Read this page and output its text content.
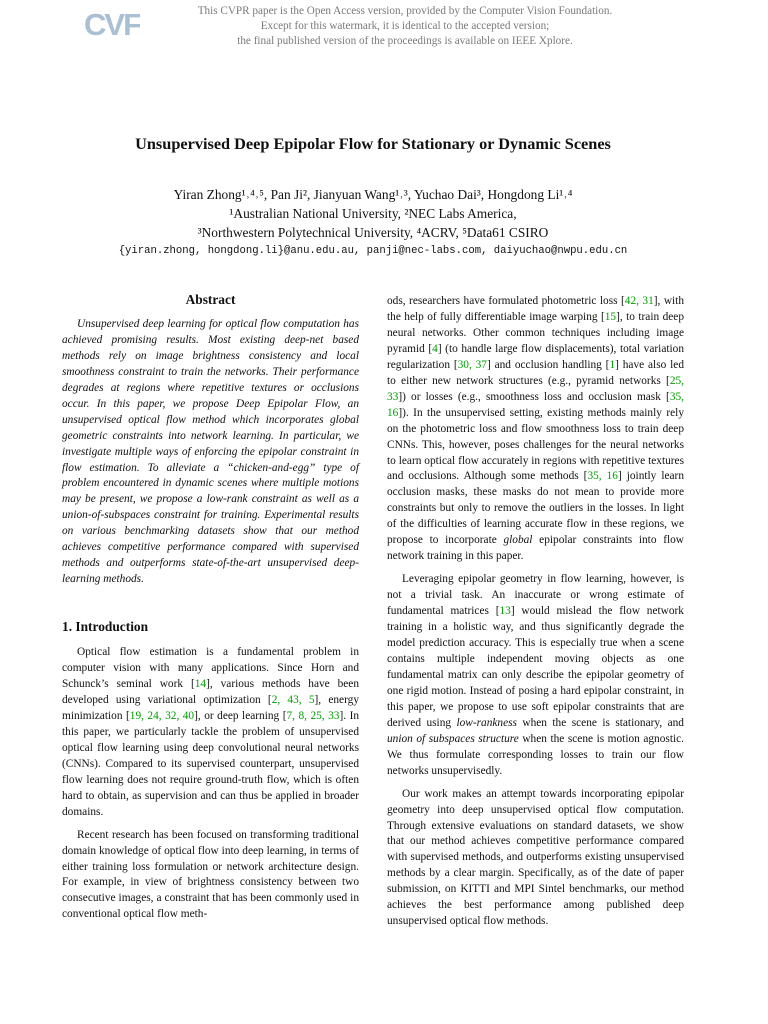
CVF	This CVPR paper is the Open Access version, provided by the Computer Vision Foundation.
Except for this watermark, it is identical to the accepted version;
the final published version of the proceedings is available on IEEE Xplore.
Unsupervised Deep Epipolar Flow for Stationary or Dynamic Scenes
Yiran Zhong¹˒⁴˒⁵, Pan Ji², Jianyuan Wang¹˒³, Yuchao Dai³, Hongdong Li¹˒⁴
¹Australian National University, ²NEC Labs America,
³Northwestern Polytechnical University, ⁴ACRV, ⁵Data61 CSIRO
{yiran.zhong, hongdong.li}@anu.edu.au, panji@nec-labs.com, daiyuchao@nwpu.edu.cn
Abstract

Unsupervised deep learning for optical flow computation has achieved promising results. Most existing deep-net based methods rely on image brightness consistency and local smoothness constraint to train the networks. Their performance degrades at regions where repetitive textures or occlusions occur. In this paper, we propose Deep Epipolar Flow, an unsupervised optical flow method which incorporates global geometric constraints into network learning. In particular, we investigate multiple ways of enforcing the epipolar constraint in flow estimation. To alleviate a “chicken-and-egg” type of problem encountered in dynamic scenes where multiple motions may be present, we propose a low-rank constraint as well as a union-of-subspaces constraint for training. Experimental results on various benchmarking datasets show that our method achieves competitive performance compared with supervised methods and outperforms state-of-the-art unsupervised deep-learning methods.

1. Introduction

Optical flow estimation is a fundamental problem in computer vision with many applications. Since Horn and Schunck’s seminal work [14], various methods have been developed using variational optimization [2, 43, 5], energy minimization [19, 24, 32, 40], or deep learning [7, 8, 25, 33]. In this paper, we particularly tackle the problem of unsupervised optical flow learning using deep convolutional neural networks (CNNs). Compared to its supervised counterpart, unsupervised flow learning does not require ground-truth flow, which is often hard to obtain, as supervision and can thus be applied in broader domains.

Recent research has been focused on transforming traditional domain knowledge of optical flow into deep learning, in terms of either training loss formulation or network architecture design. For example, in view of brightness consistency between two consecutive images, a constraint that has been commonly used in conventional optical flow meth-

ods, researchers have formulated photometric loss [42, 31], with the help of fully differentiable image warping [15], to train deep neural networks. Other common techniques including image pyramid [4] (to handle large flow displacements), total variation regularization [30, 37] and occlusion handling [1] have also led to either new network structures (e.g., pyramid networks [25, 33]) or losses (e.g., smoothness loss and occlusion mask [35, 16]). In the unsupervised setting, existing methods mainly rely on the photometric loss and flow smoothness loss to train deep CNNs. This, however, poses challenges for the neural networks to learn optical flow accurately in regions with repetitive textures and occlusions. Although some methods [35, 16] jointly learn occlusion masks, these masks do not mean to provide more constraints but only to remove the outliers in the losses. In light of the difficulties of learning accurate flow in these regions, we propose to incorporate global epipolar constraints into flow network training in this paper.

Leveraging epipolar geometry in flow learning, however, is not a trivial task. An inaccurate or wrong estimate of fundamental matrices [13] would mislead the flow network training in a holistic way, and thus significantly degrade the model prediction accuracy. This is especially true when a scene contains multiple independent moving objects as one fundamental matrix can only describe the epipolar geometry of one rigid motion. Instead of posing a hard epipolar constraint, in this paper, we propose to use soft epipolar constraints that are derived using low-rankness when the scene is stationary, and union of subspaces structure when the scene is motion agnostic. We thus formulate corresponding losses to train our flow networks unsupervisedly.

Our work makes an attempt towards incorporating epipolar geometry into deep unsupervised optical flow computation. Through extensive evaluations on standard datasets, we show that our method achieves competitive performance compared with supervised methods, and outperforms existing unsupervised methods by a clear margin. Specifically, as of the date of paper submission, on KITTI and MPI Sintel benchmarks, our method achieves the best performance among published deep unsupervised optical flow methods.
